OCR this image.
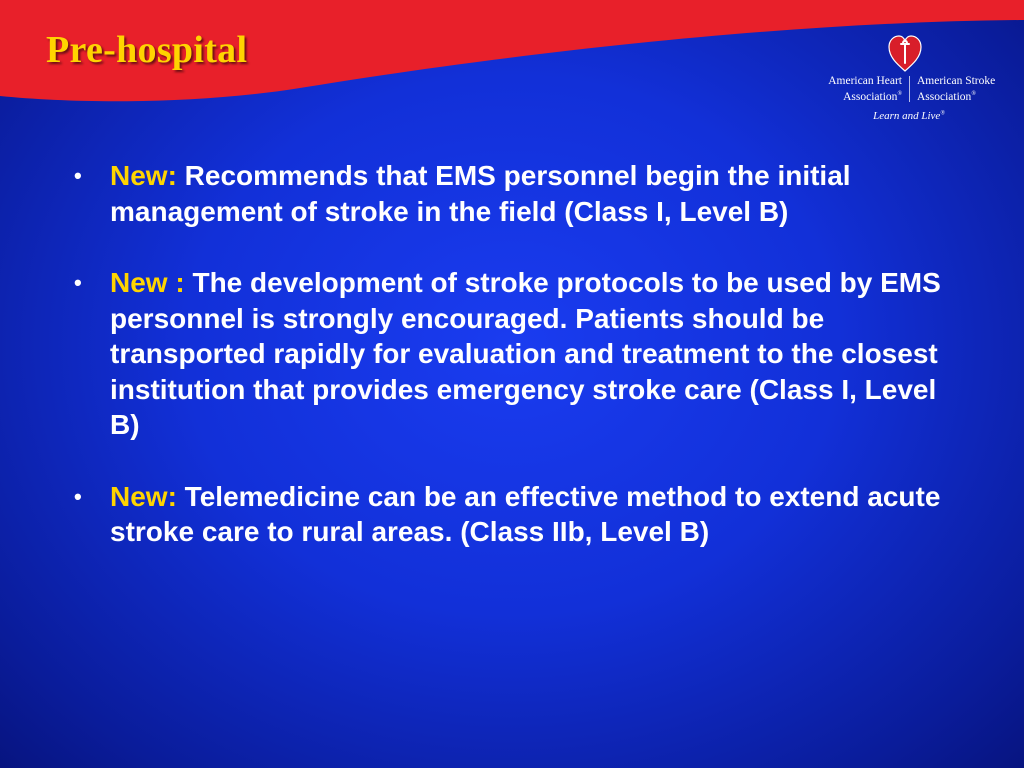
Pre-hospital
American Heart
Association®
American Stroke
Association®
Learn and Live®
• New: Recommends that EMS personnel begin the initial management of stroke in the field (Class I, Level B)
• New : The development of stroke protocols to be used by EMS personnel is strongly encouraged. Patients should be transported rapidly for evaluation and treatment to the closest institution that provides emergency stroke care (Class I, Level B)
• New: Telemedicine can be an effective method to extend acute stroke care to rural areas. (Class IIb, Level B)
